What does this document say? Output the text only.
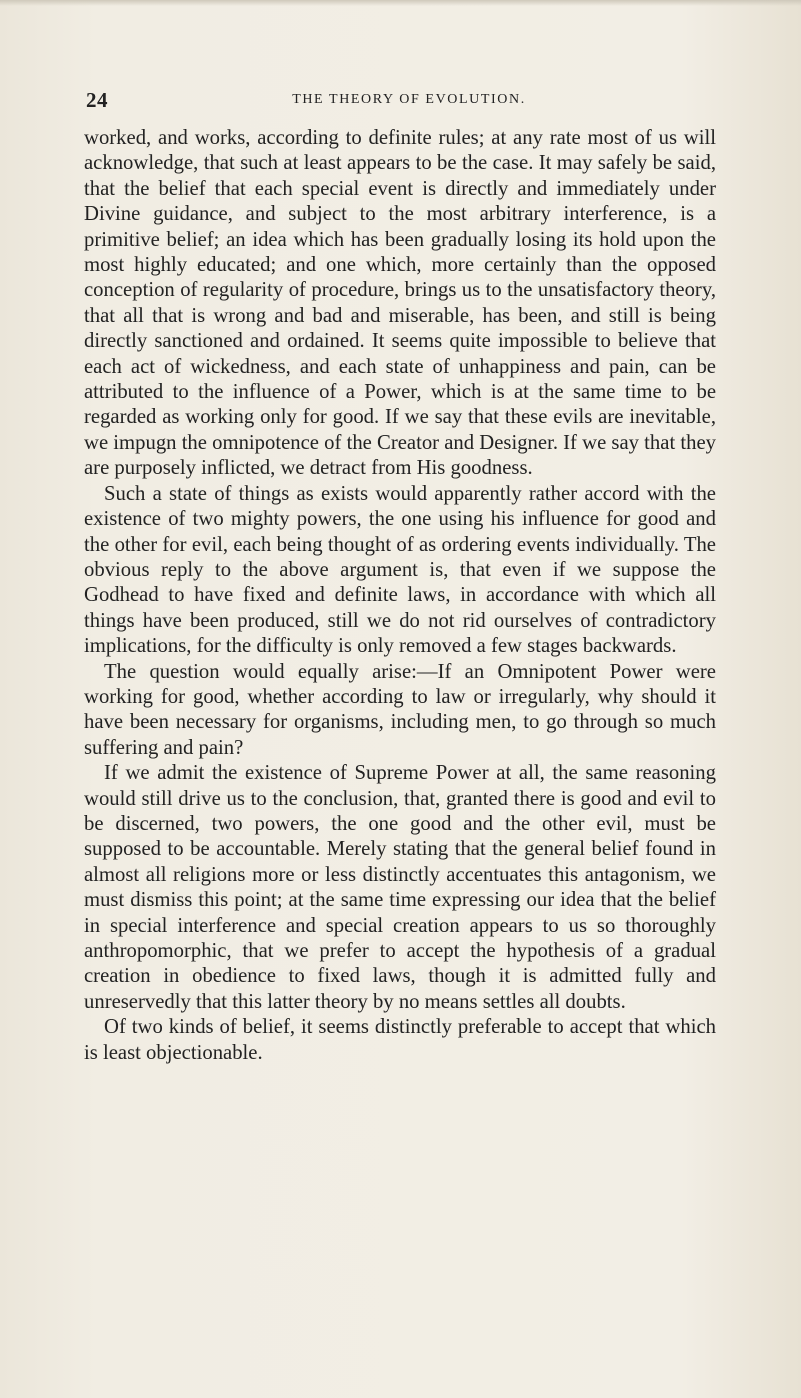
24	THE THEORY OF EVOLUTION.

worked, and works, according to definite rules; at any rate most of us will acknowledge, that such at least appears to be the case. It may safely be said, that the belief that each special event is directly and immediately under Divine guidance, and subject to the most arbitrary interference, is a primitive belief; an idea which has been gradually losing its hold upon the most highly educated; and one which, more certainly than the opposed conception of regularity of procedure, brings us to the unsatisfactory theory, that all that is wrong and bad and miserable, has been, and still is being directly sanctioned and ordained. It seems quite impossible to believe that each act of wickedness, and each state of unhappiness and pain, can be attributed to the influence of a Power, which is at the same time to be regarded as working only for good. If we say that these evils are inevitable, we impugn the omnipotence of the Creator and Designer. If we say that they are purposely inflicted, we detract from His goodness.

Such a state of things as exists would apparently rather accord with the existence of two mighty powers, the one using his influence for good and the other for evil, each being thought of as ordering events individually. The obvious reply to the above argument is, that even if we suppose the Godhead to have fixed and definite laws, in accordance with which all things have been produced, still we do not rid ourselves of contradictory implications, for the difficulty is only removed a few stages backwards.

The question would equally arise:—If an Omnipotent Power were working for good, whether according to law or irregularly, why should it have been necessary for organisms, including men, to go through so much suffering and pain?

If we admit the existence of Supreme Power at all, the same reasoning would still drive us to the conclusion, that, granted there is good and evil to be discerned, two powers, the one good and the other evil, must be supposed to be accountable. Merely stating that the general belief found in almost all religions more or less distinctly accentuates this antagonism, we must dismiss this point; at the same time expressing our idea that the belief in special interference and special creation appears to us so thoroughly anthropomorphic, that we prefer to accept the hypothesis of a gradual creation in obedience to fixed laws, though it is admitted fully and unreservedly that this latter theory by no means settles all doubts.

Of two kinds of belief, it seems distinctly preferable to accept that which is least objectionable.
